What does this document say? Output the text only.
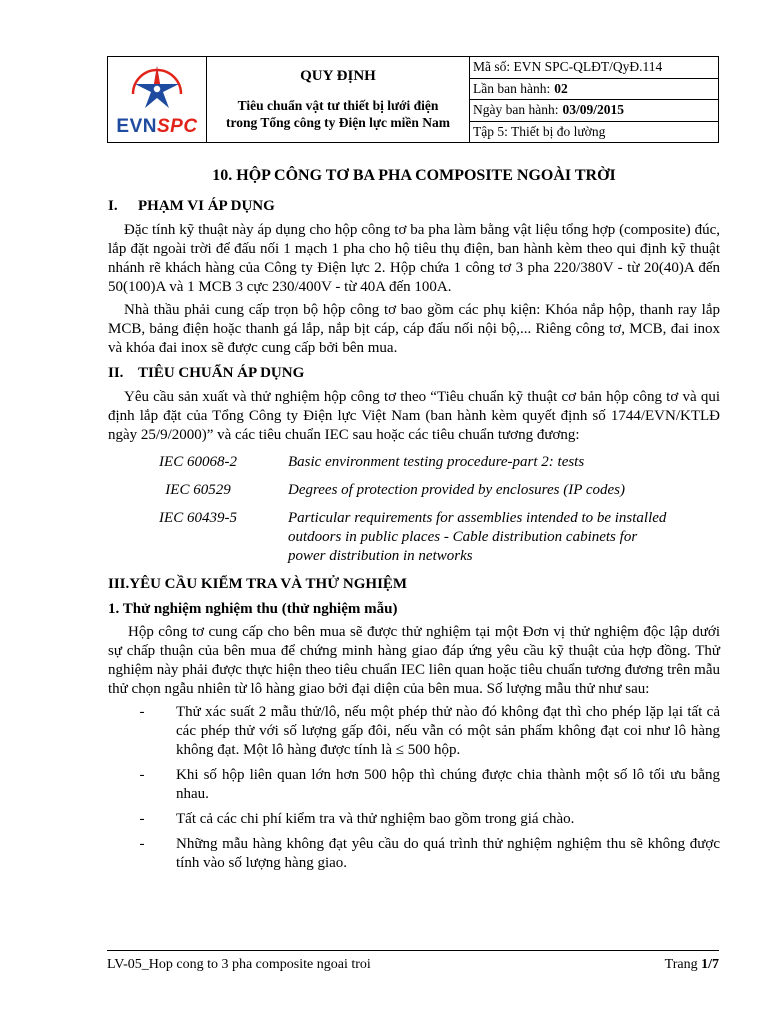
EVNSPC
QUY ĐỊNH
Tiêu chuẩn vật tư thiết bị lưới điện
trong Tổng công ty Điện lực miền Nam
Mã số: EVN SPC-QLĐT/QyĐ.114
Lần ban hành: 02
Ngày ban hành: 03/09/2015
Tập 5: Thiết bị đo lường
10. HỘP CÔNG TƠ BA PHA COMPOSITE NGOÀI TRỜI
I.	PHẠM VI ÁP DỤNG

Đặc tính kỹ thuật này áp dụng cho hộp công tơ ba pha làm bằng vật liệu tổng hợp (composite) đúc, lắp đặt ngoài trời để đấu nối 1 mạch 1 pha cho hộ tiêu thụ điện, ban hành kèm theo qui định kỹ thuật nhánh rẽ khách hàng của Công ty Điện lực 2. Hộp chứa 1 công tơ 3 pha 220/380V - từ 20(40)A đến 50(100)A và 1 MCB 3 cực 230/400V - từ 40A đến 100A.

Nhà thầu phải cung cấp trọn bộ hộp công tơ bao gồm các phụ kiện: Khóa nắp hộp, thanh ray lắp MCB, bảng điện hoặc thanh gá lắp, nắp bịt cáp, cáp đấu nối nội bộ,... Riêng công tơ, MCB, đai inox và khóa đai inox sẽ được cung cấp bởi bên mua.

II. TIÊU CHUẨN ÁP DỤNG

Yêu cầu sản xuất và thử nghiệm hộp công tơ theo “Tiêu chuẩn kỹ thuật cơ bản hộp công tơ và qui định lắp đặt của Tổng Công ty Điện lực Việt Nam (ban hành kèm quyết định số 1744/EVN/KTLĐ ngày 25/9/2000)” và các tiêu chuẩn IEC sau hoặc các tiêu chuẩn tương đương:

IEC 60068-2	Basic environment testing procedure-part 2: tests
IEC 60529	Degrees of protection provided by enclosures (IP codes)
IEC 60439-5	Particular requirements for assemblies intended to be installed outdoors in public places - Cable distribution cabinets for power distribution in networks
III. YÊU CẦU KIỂM TRA VÀ THỬ NGHIỆM
1. Thử nghiệm nghiệm thu (thử nghiệm mẫu)

Hộp công tơ cung cấp cho bên mua sẽ được thử nghiệm tại một Đơn vị thử nghiệm độc lập dưới sự chấp thuận của bên mua để chứng minh hàng giao đáp ứng yêu cầu kỹ thuật của hợp đồng. Thử nghiệm này phải được thực hiện theo tiêu chuẩn IEC liên quan hoặc tiêu chuẩn tương đương trên mẫu thử chọn ngẫu nhiên từ lô hàng giao bởi đại diện của bên mua. Số lượng mẫu thử như sau:

-	Thử xác suất 2 mẫu thử/lô, nếu một phép thử nào đó không đạt thì cho phép lặp lại tất cả các phép thử với số lượng gấp đôi, nếu vẫn có một sản phẩm không đạt coi như lô hàng không đạt. Một lô hàng được tính là ≤ 500 hộp.
-	Khi số hộp liên quan lớn hơn 500 hộp thì chúng được chia thành một số lô tối ưu bằng nhau.
-	Tất cả các chi phí kiểm tra và thử nghiệm bao gồm trong giá chào.
-	Những mẫu hàng không đạt yêu cầu do quá trình thử nghiệm nghiệm thu sẽ không được tính vào số lượng hàng giao.
LV-05_Hop cong to 3 pha composite ngoai troi	Trang 1/7
